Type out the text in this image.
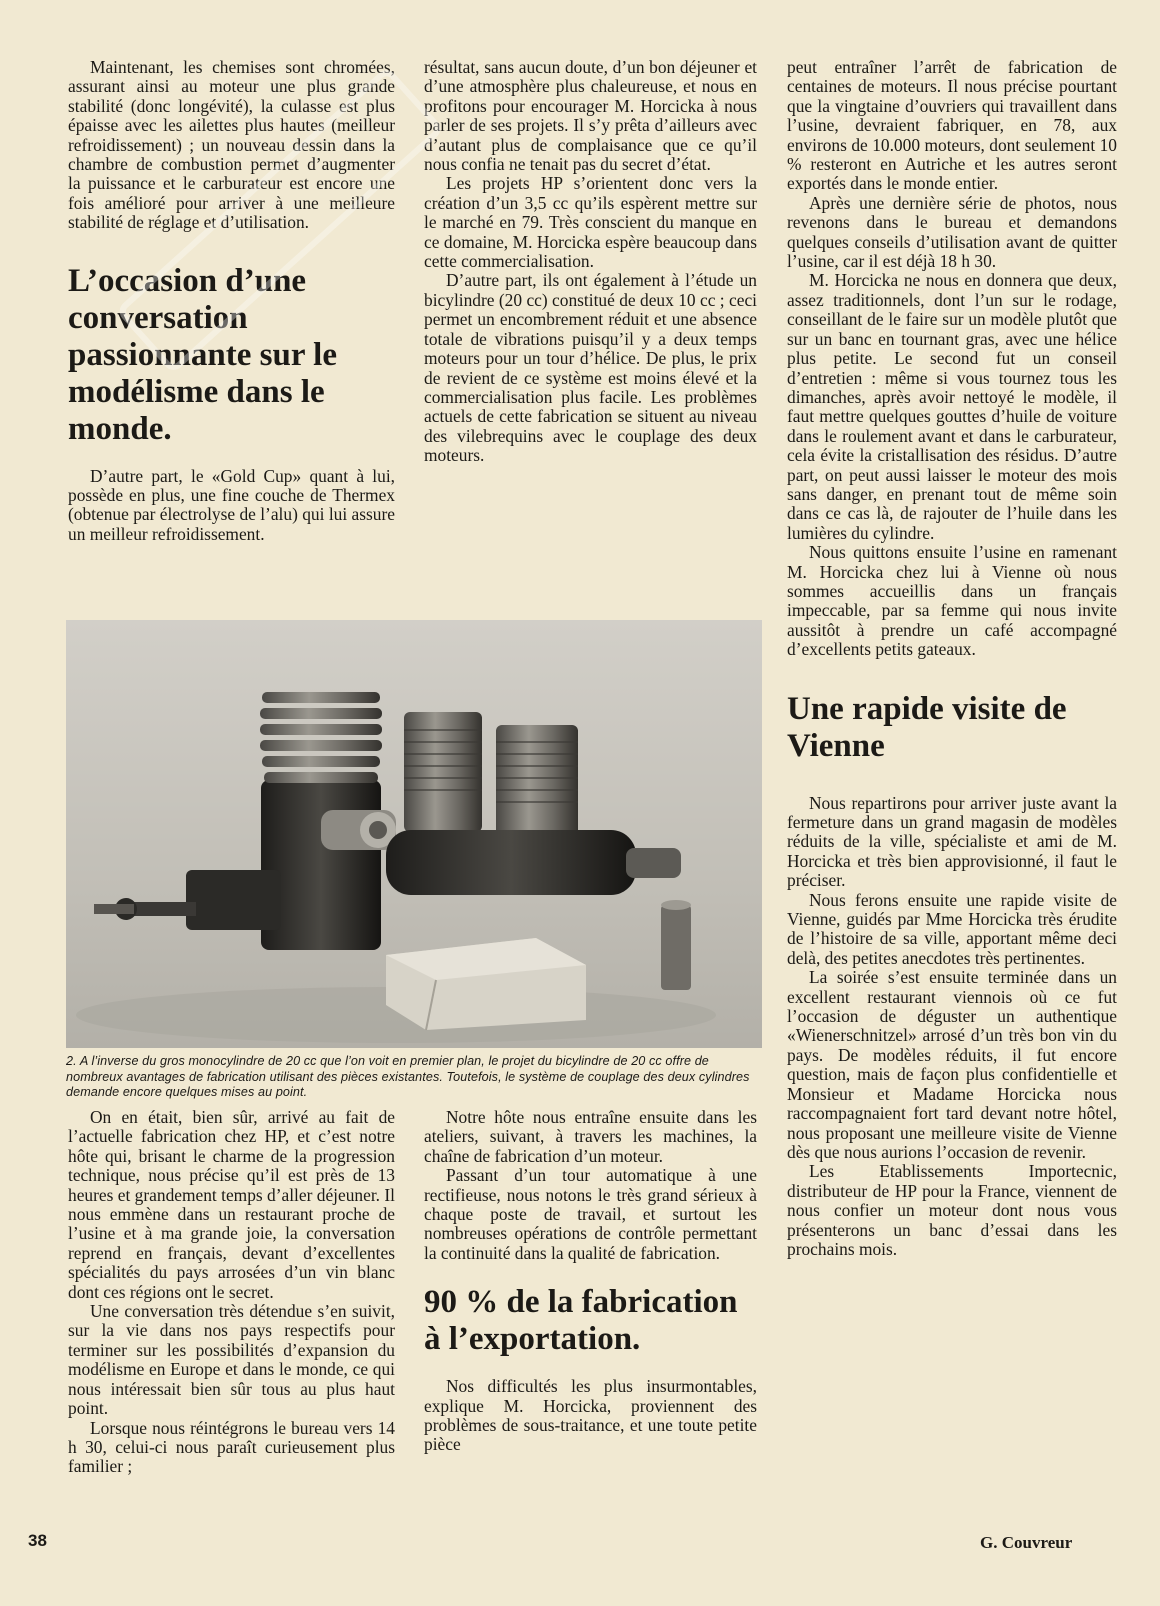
Maintenant, les chemises sont chromées, assurant ainsi au moteur une plus grande stabilité (donc longévité), la culasse est plus épaisse avec les ailettes plus hautes (meilleur refroidissement) ; un nouveau dessin dans la chambre de combustion permet d’augmenter la puissance et le carburateur est encore une fois amélioré pour arriver à une meilleure stabilité de réglage et d’utilisation.

L’occasion d’une conversation passionnante sur le modélisme dans le monde.

D’autre part, le «Gold Cup» quant à lui, possède en plus, une fine couche de Thermex (obtenue par électrolyse de l’alu) qui lui assure un meilleur refroidissement.

résultat, sans aucun doute, d’un bon déjeuner et d’une atmosphère plus chaleureuse, et nous en profitons pour encourager M. Horcicka à nous parler de ses projets. Il s’y prêta d’ailleurs avec d’autant plus de complaisance que ce qu’il nous confia ne tenait pas du secret d’état.

Les projets HP s’orientent donc vers la création d’un 3,5 cc qu’ils espèrent mettre sur le marché en 79. Très conscient du manque en ce domaine, M. Horcicka espère beaucoup dans cette commercialisation.

D’autre part, ils ont également à l’étude un bicylindre (20 cc) constitué de deux 10 cc ; ceci permet un encombrement réduit et une absence totale de vibrations puisqu’il y a deux temps moteurs pour un tour d’hélice. De plus, le prix de revient de ce système est moins élevé et la commercialisation plus facile. Les problèmes actuels de cette fabrication se situent au niveau des vilebrequins avec le couplage des deux moteurs.

peut entraîner l’arrêt de fabrication de centaines de moteurs. Il nous précise pourtant que la vingtaine d’ouvriers qui travaillent dans l’usine, devraient fabriquer, en 78, aux environs de 10.000 moteurs, dont seulement 10 % resteront en Autriche et les autres seront exportés dans le monde entier.

Après une dernière série de photos, nous revenons dans le bureau et demandons quelques conseils d’utilisation avant de quitter l’usine, car il est déjà 18 h 30.

M. Horcicka ne nous en donnera que deux, assez traditionnels, dont l’un sur le rodage, conseillant de le faire sur un modèle plutôt que sur un banc en tournant gras, avec une hélice plus petite. Le second fut un conseil d’entretien : même si vous tournez tous les dimanches, après avoir nettoyé le modèle, il faut mettre quelques gouttes d’huile de voiture dans le roulement avant et dans le carburateur, cela évite la cristallisation des résidus. D’autre part, on peut aussi laisser le moteur des mois sans danger, en prenant tout de même soin dans ce cas là, de rajouter de l’huile dans les lumières du cylindre.

Nous quittons ensuite l’usine en ramenant M. Horcicka chez lui à Vienne où nous sommes accueillis dans un français impeccable, par sa femme qui nous invite aussitôt à prendre un café accompagné d’excellents petits gateaux.

Une rapide visite de Vienne

Nous repartirons pour arriver juste avant la fermeture dans un grand magasin de modèles réduits de la ville, spécialiste et ami de M. Horcicka et très bien approvisionné, il faut le préciser.

Nous ferons ensuite une rapide visite de Vienne, guidés par Mme Horcicka très érudite de l’histoire de sa ville, apportant même deci delà, des petites anecdotes très pertinentes.

La soirée s’est ensuite terminée dans un excellent restaurant viennois où ce fut l’occasion de déguster un authentique «Wienerschnitzel» arrosé d’un très bon vin du pays. De modèles réduits, il fut encore question, mais de façon plus confidentielle et Monsieur et Madame Horcicka nous raccompagnaient fort tard devant notre hôtel, nous proposant une meilleure visite de Vienne dès que nous aurions l’occasion de revenir.

Les Etablissements Importecnic, distributeur de HP pour la France, viennent de nous confier un moteur dont nous vous présenterons un banc d’essai dans les prochains mois.

2. A l’inverse du gros monocylindre de 20 cc que l’on voit en premier plan, le projet du bicylindre de 20 cc offre de nombreux avantages de fabrication utilisant des pièces existantes. Toutefois, le système de couplage des deux cylindres demande encore quelques mises au point.

On en était, bien sûr, arrivé au fait de l’actuelle fabrication chez HP, et c’est notre hôte qui, brisant le charme de la progression technique, nous précise qu’il est près de 13 heures et grandement temps d’aller déjeuner. Il nous emmène dans un restaurant proche de l’usine et à ma grande joie, la conversation reprend en français, devant d’excellentes spécialités du pays arrosées d’un vin blanc dont ces régions ont le secret.

Une conversation très détendue s’en suivit, sur la vie dans nos pays respectifs pour terminer sur les possibilités d’expansion du modélisme en Europe et dans le monde, ce qui nous intéressait bien sûr tous au plus haut point.

Lorsque nous réintégrons le bureau vers 14 h 30, celui-ci nous paraît curieusement plus familier ;

Notre hôte nous entraîne ensuite dans les ateliers, suivant, à travers les machines, la chaîne de fabrication d’un moteur.

Passant d’un tour automatique à une rectifieuse, nous notons le très grand sérieux à chaque poste de travail, et surtout les nombreuses opérations de contrôle permettant la continuité dans la qualité de fabrication.

90 % de la fabrication à l’exportation.

Nos difficultés les plus insurmontables, explique M. Horcicka, proviennent des problèmes de sous-traitance, et une toute petite pièce

38	G. Couvreur
